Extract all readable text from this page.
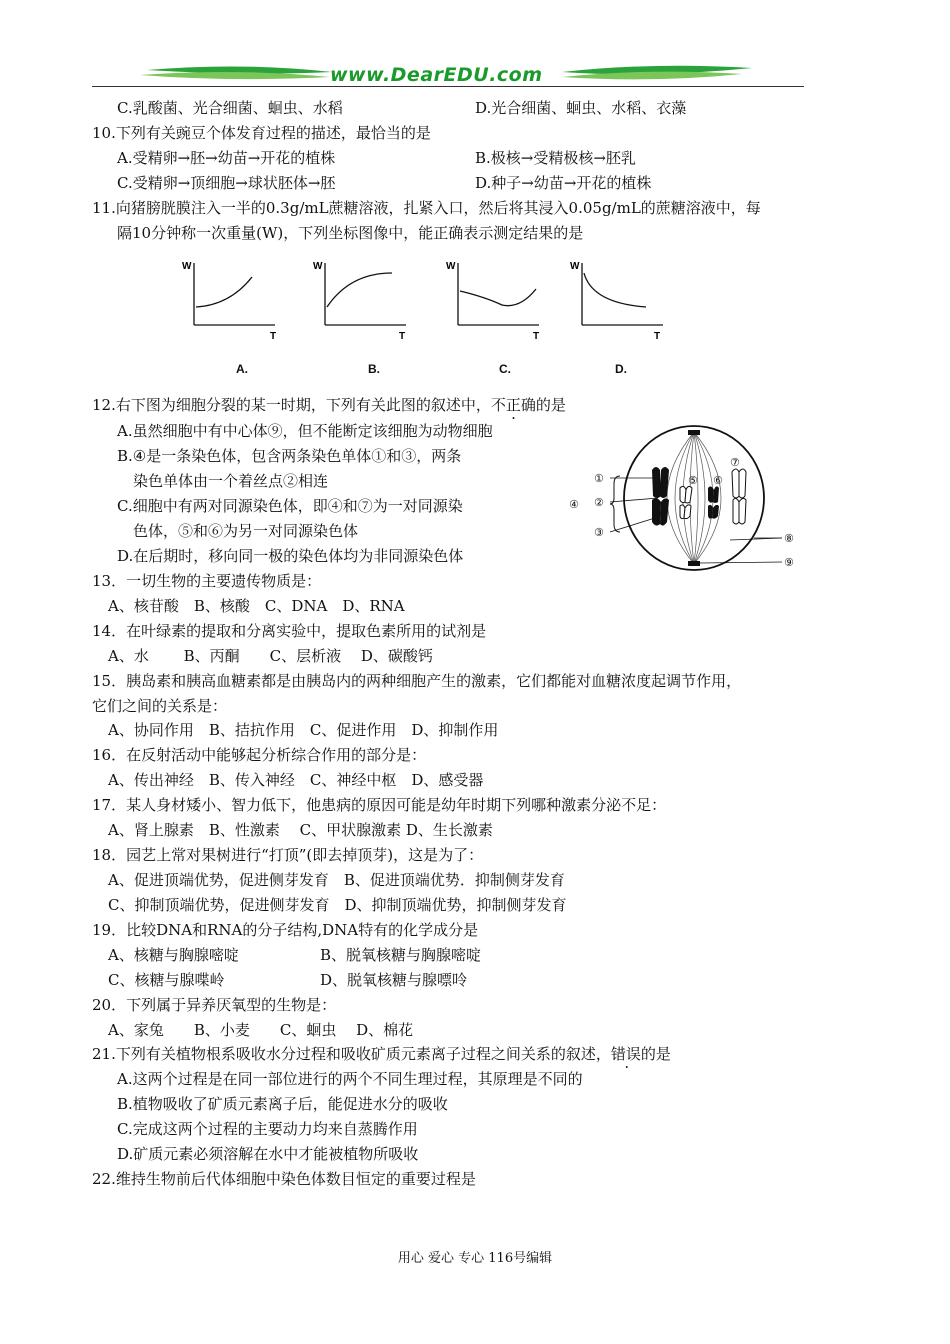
www.DearEDU.com
C.乳酸菌、光合细菌、蛔虫、水稻	D.光合细菌、蛔虫、水稻、衣藻
10.下列有关豌豆个体发育过程的描述，最恰当的是
A.受精卵→胚→幼苗→开花的植株	B.极核→受精极核→胚乳
C.受精卵→顶细胞→球状胚体→胚	D.种子→幼苗→开花的植株
11.向猪膀胱膜注入一半的0.3g/mL蔗糖溶液，扎紧入口，然后将其浸入0.05g/mL的蔗糖溶液中，每
隔10分钟称一次重量(W)，下列坐标图像中，能正确表示测定结果的是
W
T
W
T
W
T
W
T
A.	B.	C.	D.
12.右下图为细胞分裂的某一时期，下列有关此图的叙述中，不正确的是
A.虽然细胞中有中心体⑨，但不能断定该细胞为动物细胞
B.④是一条染色体，包含两条染色单体①和③，两条
染色单体由一个着丝点②相连
C.细胞中有两对同源染色体，即④和⑦为一对同源染
色体，⑤和⑥为另一对同源染色体
D.在后期时，移向同一极的染色体均为非同源染色体
①
②
③
④
⑤ ⑥
⑦
⑧
⑨
13．一切生物的主要遗传物质是：
A、核苷酸　B、核酸　C、DNA　D、RNA
14．在叶绿素的提取和分离实验中，提取色素所用的试剂是
A、水　　 B、丙酮　　C、层析液　 D、碳酸钙
15．胰岛素和胰高血糖素都是由胰岛内的两种细胞产生的激素，它们都能对血糖浓度起调节作用，
它们之间的关系是：
A、协同作用　B、拮抗作用　C、促进作用　D、抑制作用
16．在反射活动中能够起分析综合作用的部分是：
A、传出神经　B、传入神经　C、神经中枢　D、感受器
17．某人身材矮小、智力低下，他患病的原因可能是幼年时期下列哪种激素分泌不足：
A、肾上腺素　B、性激素　 C、甲状腺激素 D、生长激素
18．园艺上常对果树进行“打顶”(即去掉顶芽)，这是为了：
A、促进顶端优势，促进侧芽发育　B、促进顶端优势．抑制侧芽发育
C、抑制顶端优势，促进侧芽发育　D、抑制顶端优势，抑制侧芽发育
19．比较DNA和RNA的分子结构,DNA特有的化学成分是
A、核糖与胸腺嘧啶	B、脱氧核糖与胸腺嘧啶
C、核糖与腺喋岭	D、脱氧核糖与腺嘌呤
20．下列属于异养厌氧型的生物是：
A、家兔　　B、小麦　　C、蛔虫　 D、棉花
21.下列有关植物根系吸收水分过程和吸收矿质元素离子过程之间关系的叙述，错误的是
A.这两个过程是在同一部位进行的两个不同生理过程，其原理是不同的
B.植物吸收了矿质元素离子后，能促进水分的吸收
C.完成这两个过程的主要动力均来自蒸腾作用
D.矿质元素必须溶解在水中才能被植物所吸收
22.维持生物前后代体细胞中染色体数目恒定的重要过程是
用心 爱心 专心 116号编辑
